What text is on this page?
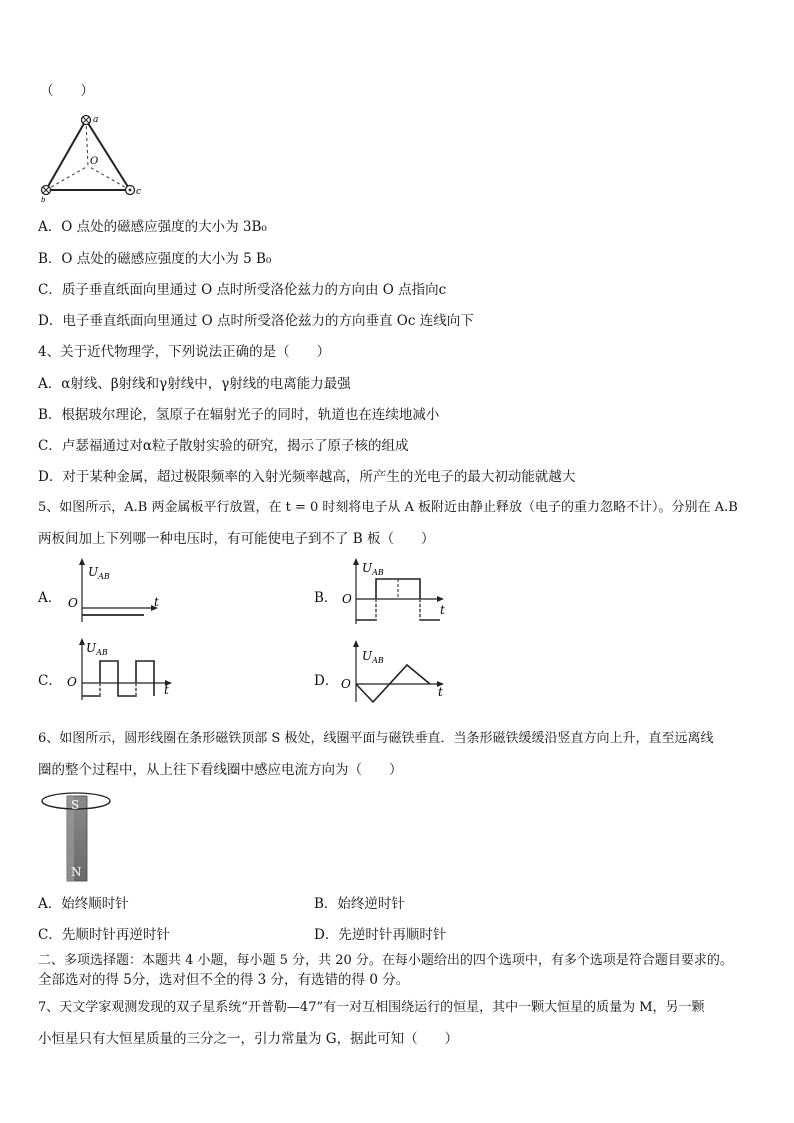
（　　）
a
O
b
c
A．O 点处的磁感应强度的大小为 3B₀
B．O 点处的磁感应强度的大小为 5 B₀
C．质子垂直纸面向里通过 O 点时所受洛伦兹力的方向由 O 点指向c
D．电子垂直纸面向里通过 O 点时所受洛伦兹力的方向垂直 Oc 连线向下
4、关于近代物理学，下列说法正确的是（　　）
A．α射线、β射线和γ射线中，γ射线的电离能力最强
B．根据玻尔理论，氢原子在辐射光子的同时，轨道也在连续地减小
C．卢瑟福通过对α粒子散射实验的研究，揭示了原子核的组成
D．对于某种金属，超过极限频率的入射光频率越高，所产生的光电子的最大初动能就越大
5、如图所示，A.B 两金属板平行放置，在 t = 0 时刻将电子从 A 板附近由静止释放（电子的重力忽略不计）。分别在 A.B
两板间加上下列哪一种电压时，有可能使电子到不了 B 板（　　）
A．
$U_{AB}$
O	t	B．
$U_{AB}$
O
t
C．
$U_{AB}$
O
t
D．
$U_{AB}$
O
t
6、如图所示，圆形线圈在条形磁铁顶部 S 极处，线圈平面与磁铁垂直．当条形磁铁缓缓沿竖直方向上升，直至远离线
圈的整个过程中，从上往下看线圈中感应电流方向为（　　）
S
N
A．始终顺时针	B．始终逆时针
C．先顺时针再逆时针	D．先逆时针再顺时针
二、多项选择题：本题共 4 小题，每小题 5 分，共 20 分。在每小题给出的四个选项中，有多个选项是符合题目要求的。
全部选对的得 5分，选对但不全的得 3 分，有选错的得 0 分。
7、天文学家观测发现的双子星系统“开普勒—47”有一对互相围绕运行的恒星，其中一颗大恒星的质量为 M，另一颗
小恒星只有大恒星质量的三分之一，引力常量为 G，据此可知（　　）
